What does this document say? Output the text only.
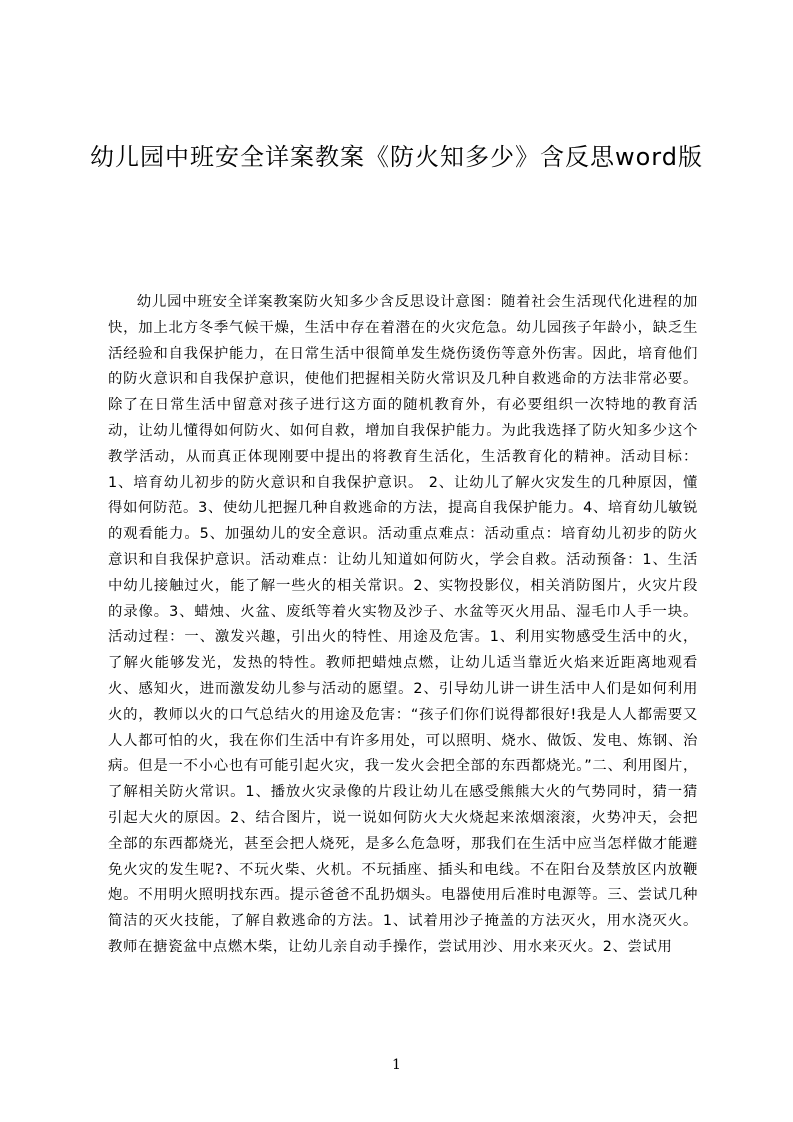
幼儿园中班安全详案教案《防火知多少》含反思word版
幼儿园中班安全详案教案防火知多少含反思设计意图：随着社会生活现代化进程的加快，加上北方冬季气候干燥，生活中存在着潜在的火灾危急。幼儿园孩子年龄小，缺乏生活经验和自我保护能力，在日常生活中很简单发生烧伤烫伤等意外伤害。因此，培育他们的防火意识和自我保护意识，使他们把握相关防火常识及几种自救逃命的方法非常必要。除了在日常生活中留意对孩子进行这方面的随机教育外，有必要组织一次特地的教育活动，让幼儿懂得如何防火、如何自救，增加自我保护能力。为此我选择了防火知多少这个教学活动，从而真正体现刚要中提出的将教育生活化，生活教育化的精神。活动目标：1、培育幼儿初步的防火意识和自我保护意识。 2、让幼儿了解火灾发生的几种原因，懂得如何防范。3、使幼儿把握几种自救逃命的方法，提高自我保护能力。4、培育幼儿敏锐的观看能力。5、加强幼儿的安全意识。活动重点难点：活动重点：培育幼儿初步的防火意识和自我保护意识。活动难点：让幼儿知道如何防火，学会自救。活动预备：1、生活中幼儿接触过火，能了解一些火的相关常识。2、实物投影仪，相关消防图片，火灾片段的录像。3、蜡烛、火盆、废纸等着火实物及沙子、水盆等灭火用品、湿毛巾人手一块。活动过程：一、激发兴趣，引出火的特性、用途及危害。1、利用实物感受生活中的火，了解火能够发光，发热的特性。教师把蜡烛点燃，让幼儿适当靠近火焰来近距离地观看火、感知火，进而激发幼儿参与活动的愿望。2、引导幼儿讲一讲生活中人们是如何利用火的，教师以火的口气总结火的用途及危害：“孩子们你们说得都很好!我是人人都需要又人人都可怕的火，我在你们生活中有许多用处，可以照明、烧水、做饭、发电、炼钢、治病。但是一不小心也有可能引起火灾，我一发火会把全部的东西都烧光。”二、利用图片，了解相关防火常识。1、播放火灾录像的片段让幼儿在感受熊熊大火的气势同时，猜一猜引起大火的原因。2、结合图片，说一说如何防火大火烧起来浓烟滚滚，火势冲天，会把全部的东西都烧光，甚至会把人烧死，是多么危急呀，那我们在生活中应当怎样做才能避免火灾的发生呢?、不玩火柴、火机。不玩插座、插头和电线。不在阳台及禁放区内放鞭炮。不用明火照明找东西。提示爸爸不乱扔烟头。电器使用后准时电源等。三、尝试几种简洁的灭火技能，了解自救逃命的方法。1、试着用沙子掩盖的方法灭火，用水浇灭火。教师在搪瓷盆中点燃木柴，让幼儿亲自动手操作，尝试用沙、用水来灭火。2、尝试用
1
